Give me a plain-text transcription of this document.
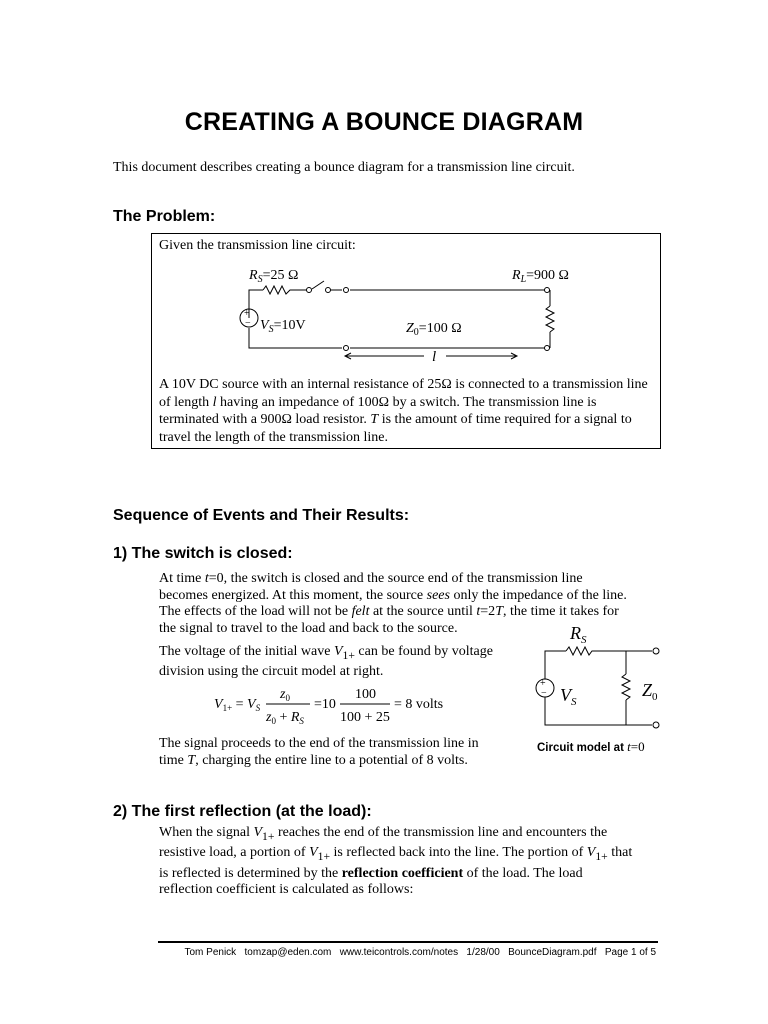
CREATING A BOUNCE DIAGRAM
This document describes creating a bounce diagram for a transmission line circuit.
The Problem:
Given the transmission line circuit:
+
−
$R_S=25$ Ω	$R_L=900$ Ω
$V_S=10V$	$Z_0=100$ Ω
l
A 10V DC source with an internal resistance of 25Ω is connected to a transmission line of length l having an impedance of 100Ω by a switch. The transmission line is terminated with a 900Ω load resistor. T is the amount of time required for a signal to travel the length of the transmission line.
Sequence of Events and Their Results:
1) The switch is closed:
At time t=0, the switch is closed and the source end of the transmission line becomes energized. At this moment, the source sees only the impedance of the line. The effects of the load will not be felt at the source until t=2T, the time it takes for the signal to travel to the load and back to the source.
The voltage of the initial wave $V_{1+}$ can be found by voltage division using the circuit model at right.
$V_{1+} = V_S$
$z_0$
$z_0 + R_S$
=10
100
100 + 25
= 8 volts
+
−
$R_S$
$V_S$
$Z_0$
Circuit model at t=0
The signal proceeds to the end of the transmission line in time T, charging the entire line to a potential of 8 volts.
2) The first reflection (at the load):
When the signal $V_{1+}$ reaches the end of the transmission line and encounters the resistive load, a portion of $V_{1+}$ is reflected back into the line. The portion of $V_{1+}$ that is reflected is determined by the reflection coefficient of the load. The load reflection coefficient is calculated as follows:
Tom Penick   tomzap@eden.com   www.teicontrols.com/notes   1/28/00   BounceDiagram.pdf   Page 1 of 5
